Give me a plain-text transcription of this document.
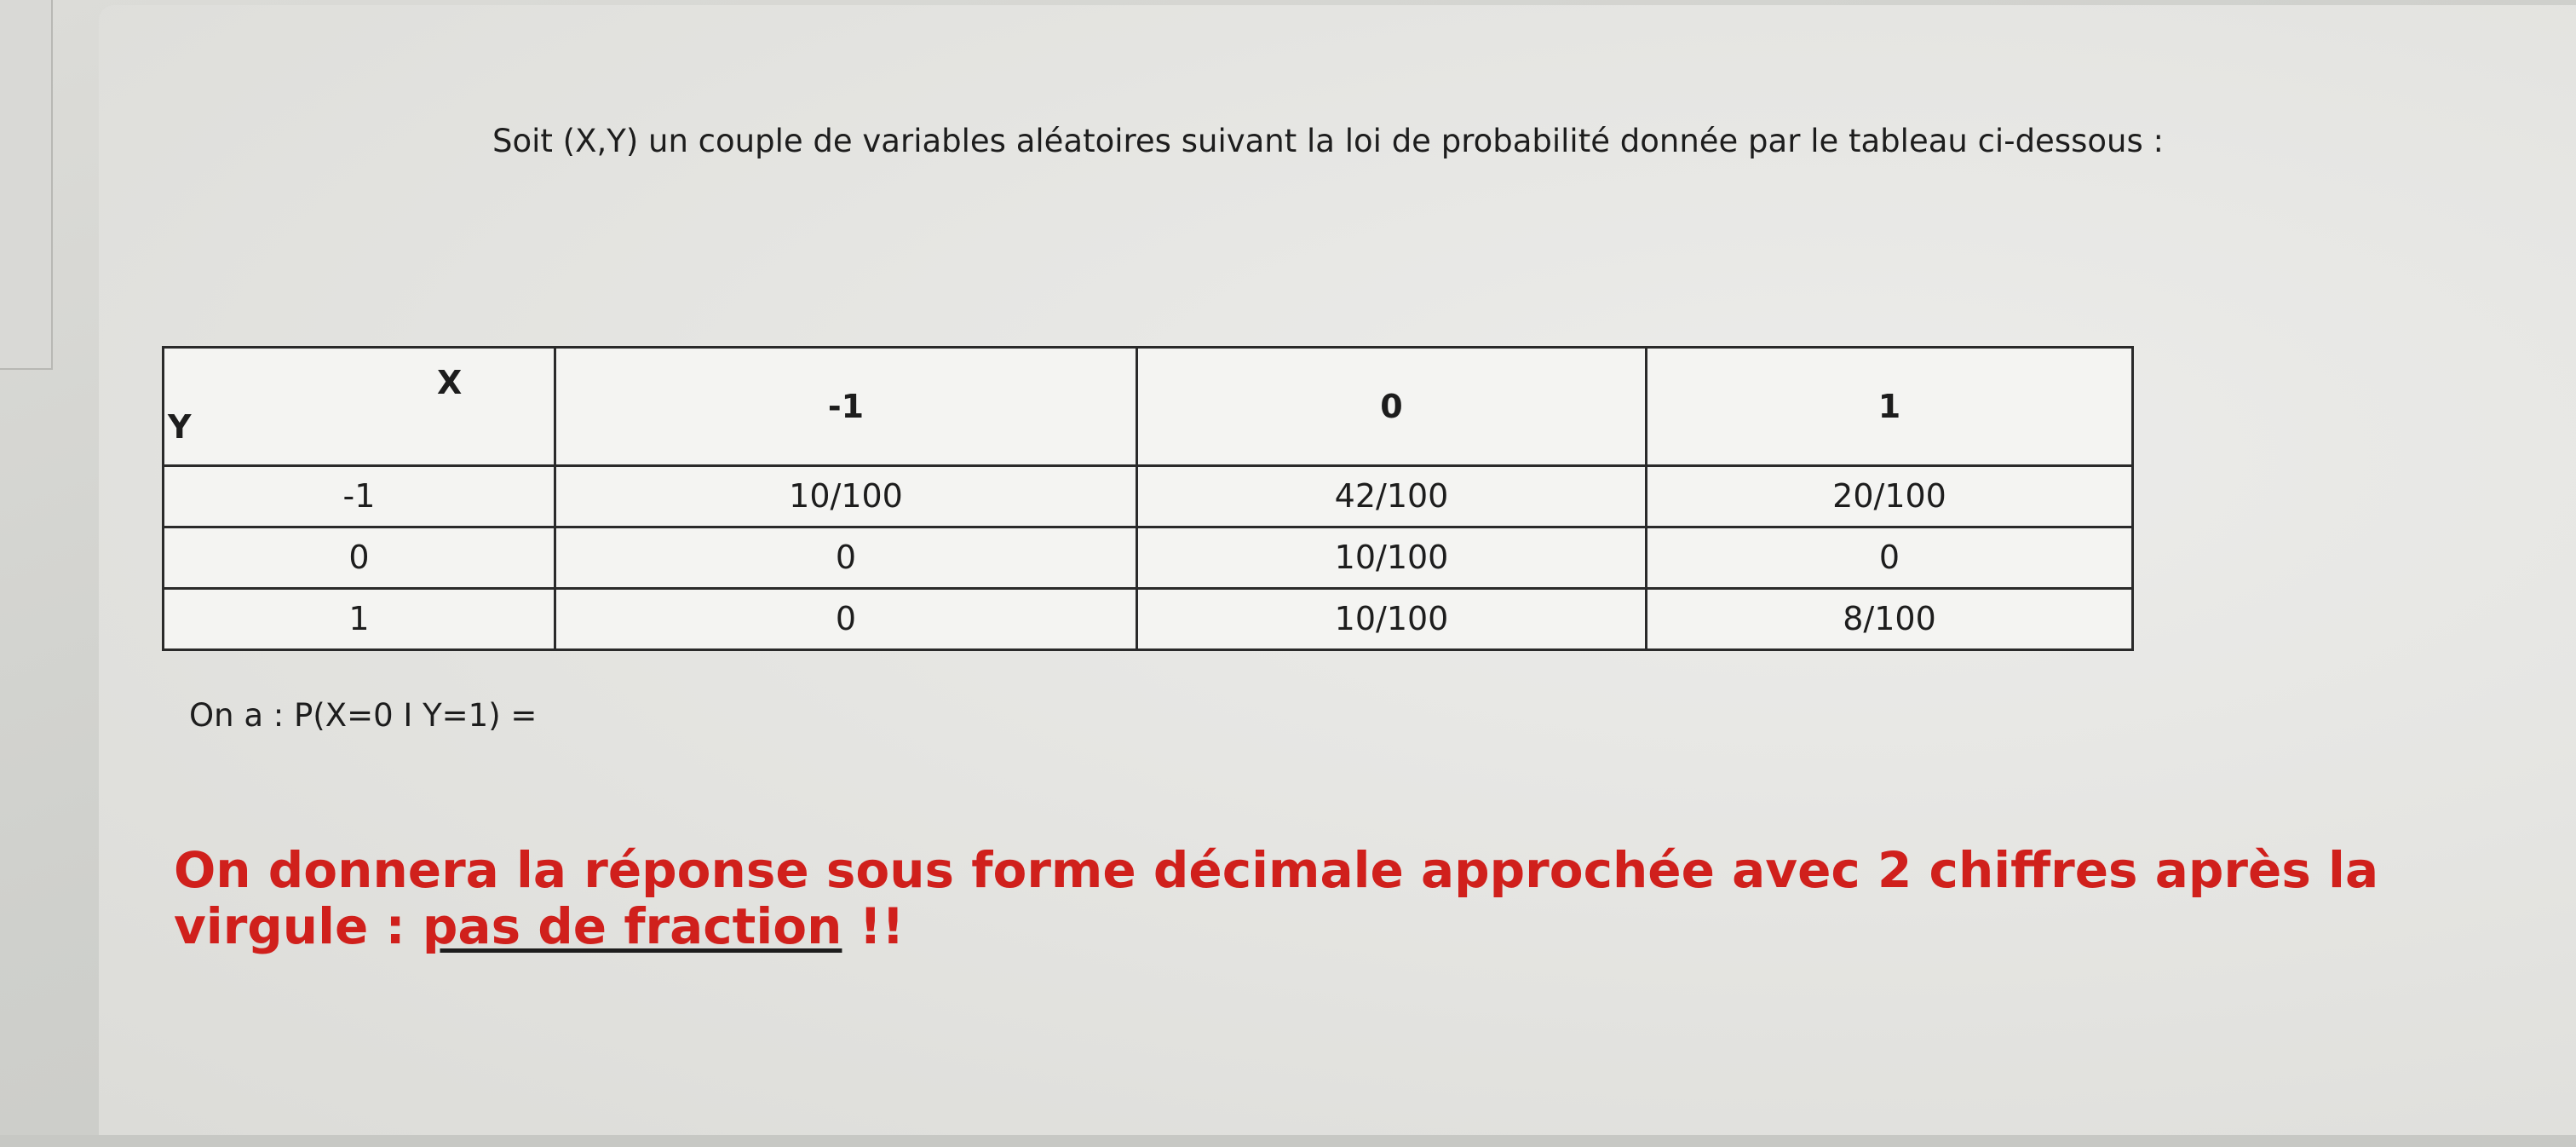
Soit (X,Y) un couple de variables aléatoires suivant la loi de probabilité donnée par le tableau ci-dessous :
X
Y	-1	0	1
-1	10/100	42/100	20/100
0	0	10/100	0
1	0	10/100	8/100
On a : P(X=0 I Y=1) =
On donnera la réponse sous forme décimale approchée avec 2 chiffres après la virgule : pas de fraction !!
